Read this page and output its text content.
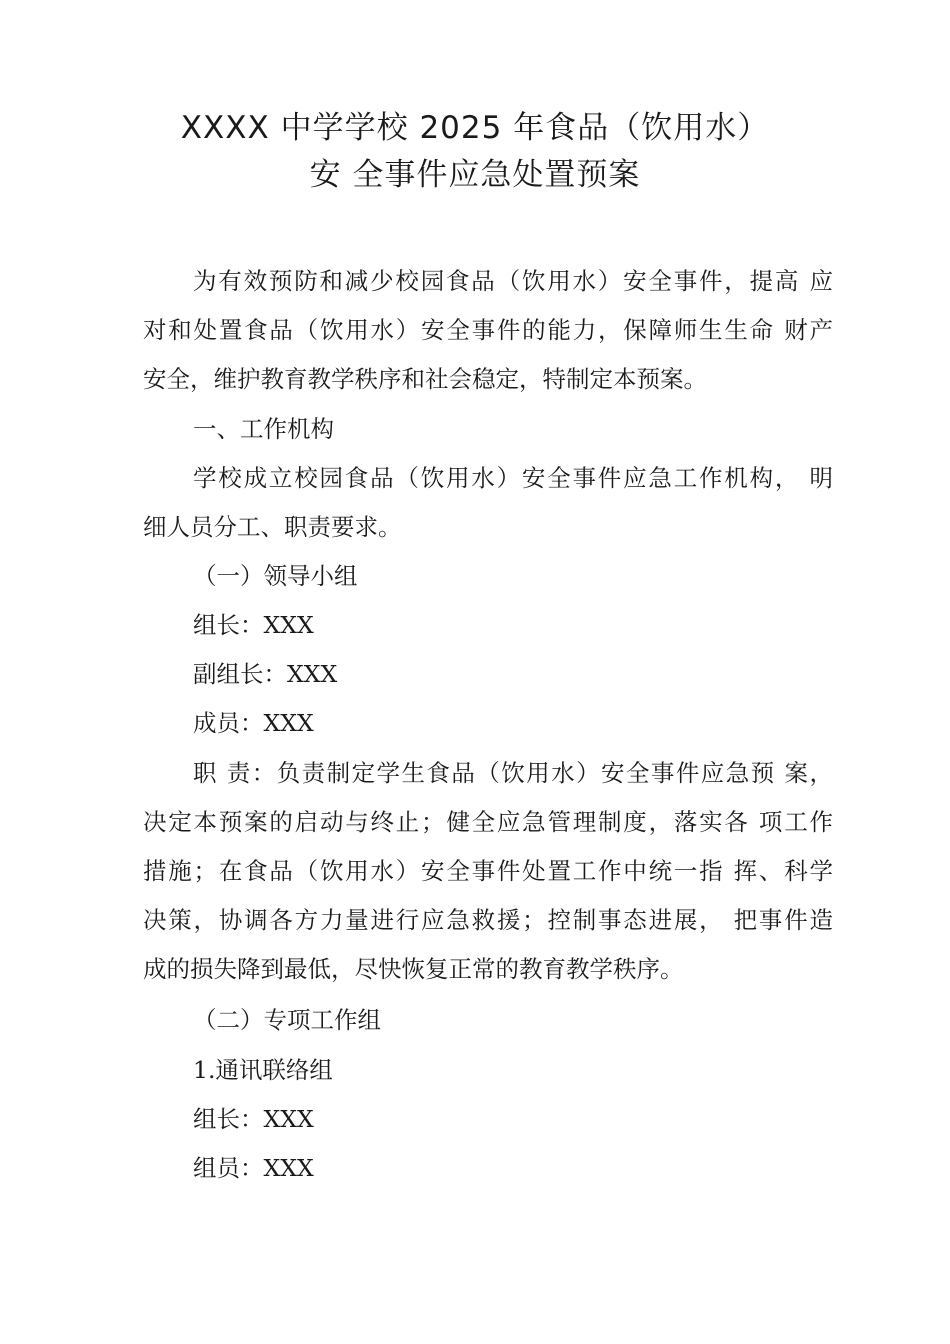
XXXX 中学学校 2025 年食品（饮用水）
安 全事件应急处置预案
为有效预防和减少校园食品（饮用水）安全事件，提高 应
对和处置食品（饮用水）安全事件的能力，保障师生生命 财产
安全，维护教育教学秩序和社会稳定，特制定本预案。
一、工作机构
学校成立校园食品（饮用水）安全事件应急工作机构， 明
细人员分工、职责要求。
（一）领导小组
组长：XXX
副组长：XXX
成员：XXX
职 责：负责制定学生食品（饮用水）安全事件应急预 案，
决定本预案的启动与终止；健全应急管理制度，落实各 项工作
措施；在食品（饮用水）安全事件处置工作中统一指 挥、科学
决策，协调各方力量进行应急救援；控制事态进展， 把事件造
成的损失降到最低，尽快恢复正常的教育教学秩序。
（二）专项工作组
1.通讯联络组
组长：XXX
组员：XXX
